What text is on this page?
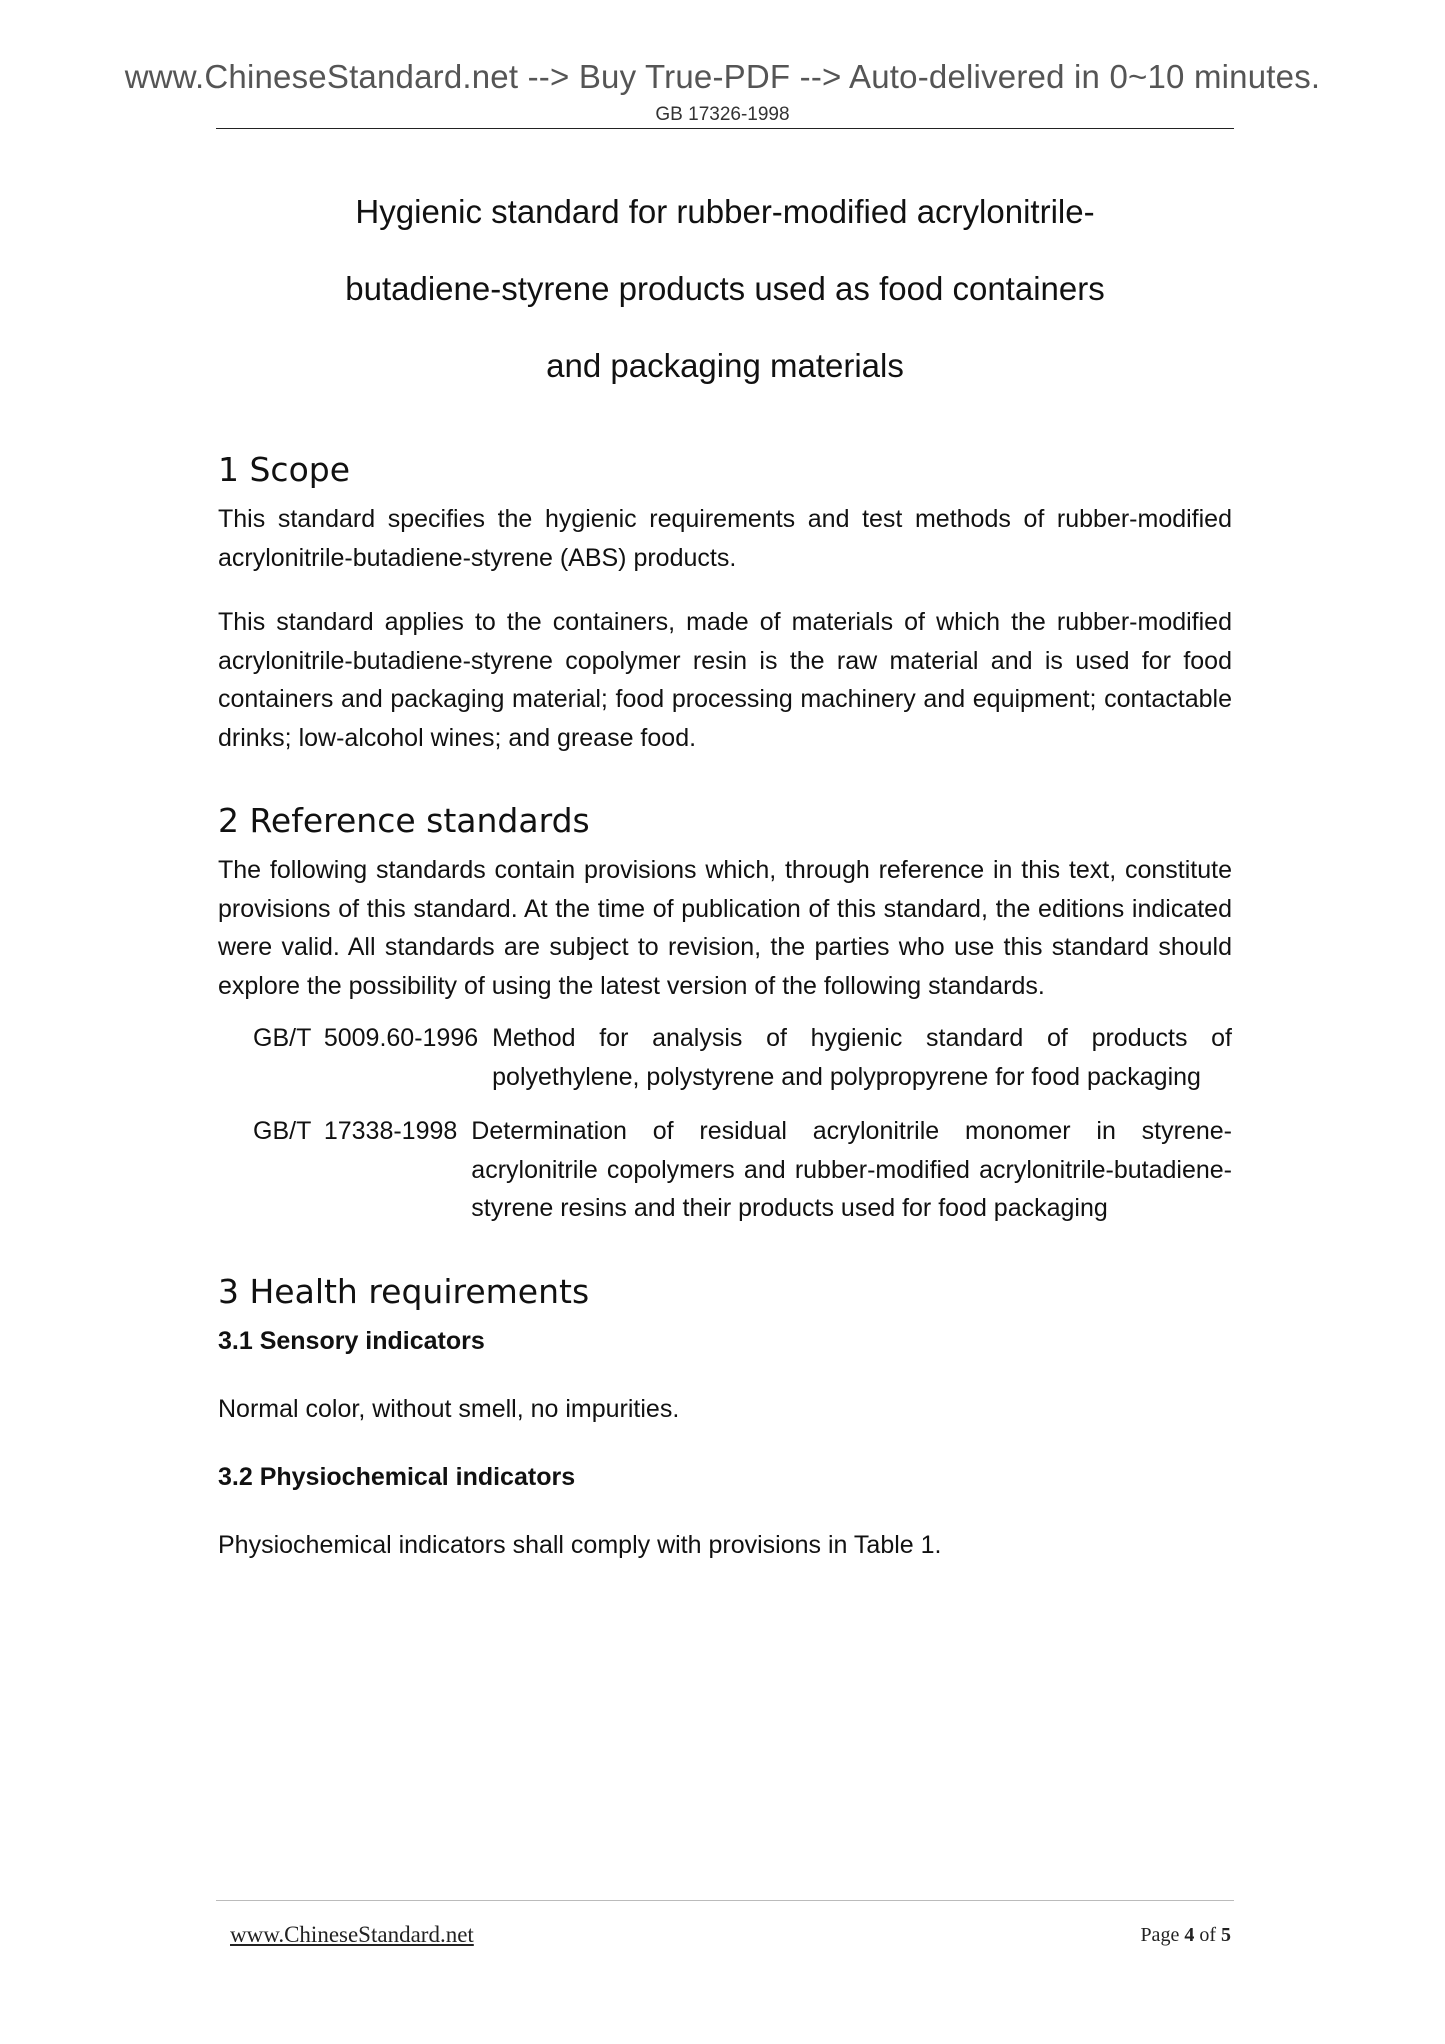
www.ChineseStandard.net --> Buy True-PDF --> Auto-delivered in 0~10 minutes.
GB 17326-1998
Hygienic standard for rubber-modified acrylonitrile-
butadiene-styrene products used as food containers
and packaging materials
1 Scope

This standard specifies the hygienic requirements and test methods of rubber-modified acrylonitrile-butadiene-styrene (ABS) products.

This standard applies to the containers, made of materials of which the rubber-modified acrylonitrile-butadiene-styrene copolymer resin is the raw material and is used for food containers and packaging material; food processing machinery and equipment; contactable drinks; low-alcohol wines; and grease food.

2 Reference standards

The following standards contain provisions which, through reference in this text, constitute provisions of this standard. At the time of publication of this standard, the editions indicated were valid. All standards are subject to revision, the parties who use this standard should explore the possibility of using the latest version of the following standards.

GB/T 5009.60-1996 Method for analysis of hygienic standard of products of polyethylene, polystyrene and polypropyrene for food packaging
GB/T 17338-1998 Determination of residual acrylonitrile monomer in styrene-acrylonitrile copolymers and rubber-modified acrylonitrile-butadiene-styrene resins and their products used for food packaging
3 Health requirements
3.1 Sensory indicators

Normal color, without smell, no impurities.

3.2 Physiochemical indicators

Physiochemical indicators shall comply with provisions in Table 1.

www.ChineseStandard.net	Page 4 of 5
